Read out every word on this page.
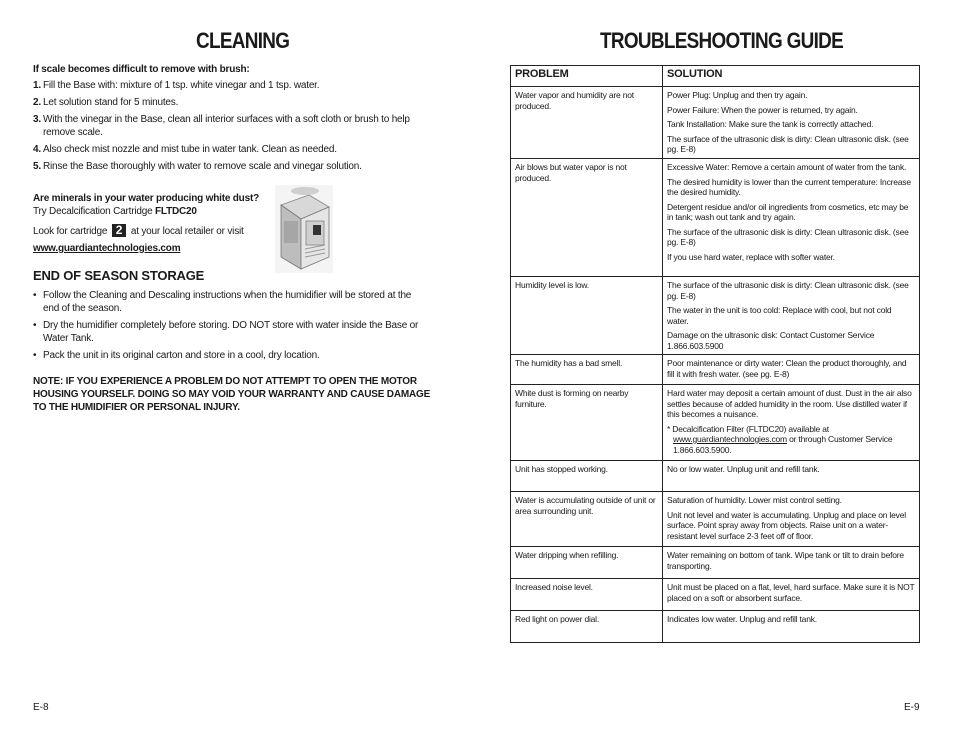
CLEANING

If scale becomes difficult to remove with brush:

1. Fill the Base with: mixture of 1 tsp. white vinegar and 1 tsp. water.
2. Let solution stand for 5 minutes.
3. With the vinegar in the Base, clean all interior surfaces with a soft cloth or brush to help remove scale.
4. Also check mist nozzle and mist tube in water tank. Clean as needed.
5. Rinse the Base thoroughly with water to remove scale and vinegar solution.
Are minerals in your water producing white dust?
Try Decalcification Cartridge FLTDC20
Look for cartridge 2 at your local retailer or visit
www.guardiantechnologies.com
END OF SEASON STORAGE
• Follow the Cleaning and Descaling instructions when the humidifier will be stored at the end of the season.
• Dry the humidifier completely before storing. DO NOT store with water inside the Base or Water Tank.
• Pack the unit in its original carton and store in a cool, dry location.
NOTE: IF YOU EXPERIENCE A PROBLEM DO NOT ATTEMPT TO OPEN THE MOTOR HOUSING YOURSELF. DOING SO MAY VOID YOUR WARRANTY AND CAUSE DAMAGE TO THE HUMIDIFIER OR PERSONAL INJURY.
E-8
TROUBLESHOOTING GUIDE
PROBLEM	SOLUTION
Water vapor and humidity are not produced.	Power Plug: Unplug and then try again.
Power Failure: When the power is returned, try again.
Tank Installation: Make sure the tank is correctly attached.
The surface of the ultrasonic disk is dirty: Clean ultrasonic disk. (see pg. E-8)

Air blows but water vapor is not produced.	Excessive Water: Remove a certain amount of water from the tank.
The desired humidity is lower than the current temperature: Increase the desired humidity.
Detergent residue and/or oil ingredients from cosmetics, etc may be in tank; wash out tank and try again.
The surface of the ultrasonic disk is dirty: Clean ultrasonic disk. (see pg. E-8)
If you use hard water, replace with softer water.

Humidity level is low.	The surface of the ultrasonic disk is dirty: Clean ultrasonic disk. (see pg. E-8)
The water in the unit is too cold: Replace with cool, but not cold water.
Damage on the ultrasonic disk: Contact Customer Service 1.866.603.5900

The humidity has a bad smell.	Poor maintenance or dirty water: Clean the product thoroughly, and fill it with fresh water. (see pg. E-8)

White dust is forming on nearby furniture.	Hard water may deposit a certain amount of dust. Dust in the air also settles because of added humidity in the room. Use distilled water if this becomes a nuisance.
* Decalcification Filter (FLTDC20) available at
www.guardiantechnologies.com or through Customer Service 1.866.603.5900.

Unit has stopped working.	No or low water. Unplug unit and refill tank.

Water is accumulating outside of unit or area surrounding unit.	Saturation of humidity. Lower mist control setting.
Unit not level and water is accumulating. Unplug and place on level surface. Point spray away from objects. Raise unit on a water-resistant level surface 2-3 feet off of floor.

Water dripping when refilling.	Water remaining on bottom of tank. Wipe tank or tilt to drain before transporting.

Increased noise level.	Unit must be placed on a flat, level, hard surface. Make sure it is NOT placed on a soft or absorbent surface.

Red light on power dial.	Indicates low water. Unplug and refill tank.
E-9
